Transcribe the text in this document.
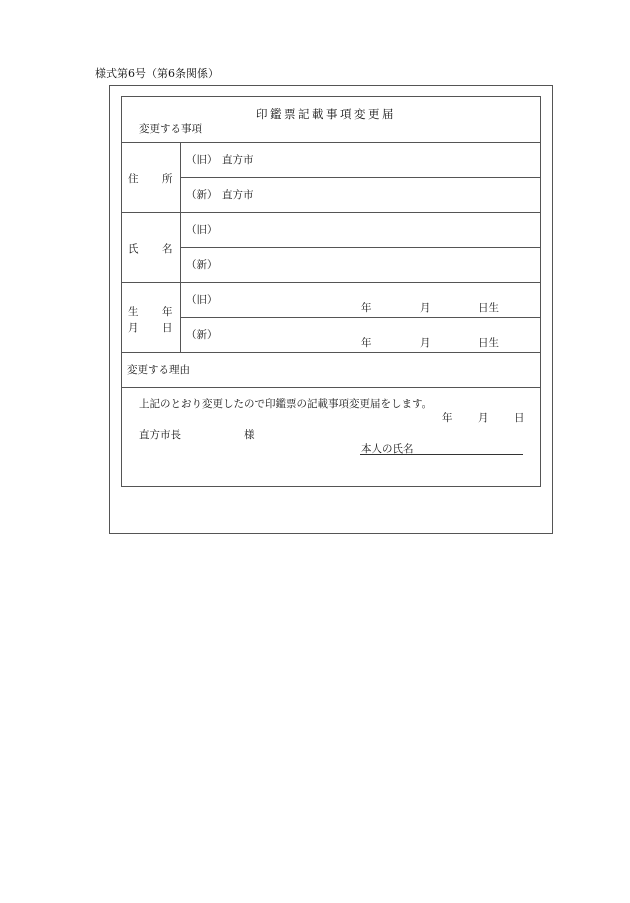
様式第6号（第6条関係）
印鑑票記載事項変更届
変更する事項
住 所
（旧） 直方市
（新） 直方市
氏 名
（旧）
（新）
生 年
月 日
（旧）
年	月	日生
（新）
年	月	日生
変更する理由
上記のとおり変更したので印鑑票の記載事項変更届をします。
年 月 日
直方市長	様
本人の氏名
